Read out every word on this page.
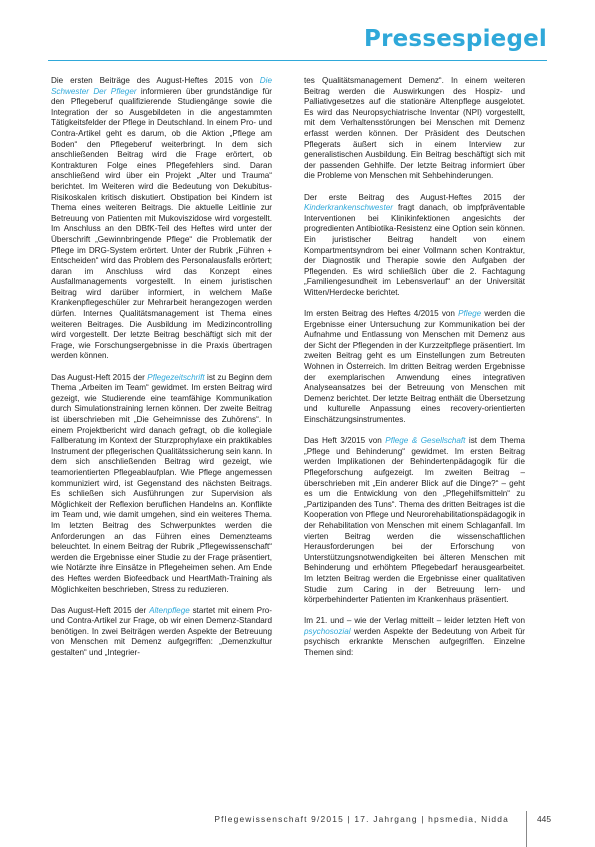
Pressespiegel

Die ersten Beiträge des August-Heftes 2015 von Die Schwester Der Pfleger informieren über grundständige für den Pflegeberuf qualifizierende Studiengänge sowie die Integration der so Ausgebildeten in die angestammten Tätigkeitsfelder der Pflege in Deutschland. In einem Pro- und Contra-Artikel geht es darum, ob die Aktion „Pflege am Boden“ den Pflegeberuf weiterbringt. In dem sich anschließenden Beitrag wird die Frage erörtert, ob Kontrakturen Folge eines Pflegefehlers sind. Daran anschließend wird über ein Projekt „Alter und Trauma“ berichtet. Im Weiteren wird die Bedeutung von Dekubitus-Risikoskalen kritisch diskutiert. Obstipation bei Kindern ist Thema eines weiteren Beitrags. Die aktuelle Leitlinie zur Betreuung von Patienten mit Mukoviszidose wird vorgestellt. Im Anschluss an den DBfK-Teil des Heftes wird unter der Überschrift „Gewinnbringende Pflege“ die Problematik der Pflege im DRG-System erörtert. Unter der Rubrik „Führen + Entscheiden“ wird das Problem des Personalausfalls erörtert; daran im Anschluss wird das Konzept eines Ausfallmanagements vorgestellt. In einem juristischen Beitrag wird darüber informiert, in welchem Maße Krankenpflegeschüler zur Mehrarbeit herangezogen werden dürfen. Internes Qualitätsmanagement ist Thema eines weiteren Beitrages. Die Ausbildung im Medizincontrolling wird vorgestellt. Der letzte Beitrag beschäftigt sich mit der Frage, wie Forschungsergebnisse in die Praxis übertragen werden können.

Das August-Heft 2015 der Pflegezeitschrift ist zu Beginn dem Thema „Arbeiten im Team“ gewidmet. Im ersten Beitrag wird gezeigt, wie Studierende eine teamfähige Kommunikation durch Simulationstraining lernen können. Der zweite Beitrag ist überschrieben mit „Die Geheimnisse des Zuhörens“. In einem Projektbericht wird danach gefragt, ob die kollegiale Fallberatung im Kontext der Sturzprophylaxe ein praktikables Instrument der pflegerischen Qualitätssicherung sein kann. In dem sich anschließenden Beitrag wird gezeigt, wie teamorientierten Pflegeablaufplan. Wie Pflege angemessen kommuniziert wird, ist Gegenstand des nächsten Beitrags. Es schließen sich Ausführungen zur Supervision als Möglichkeit der Reflexion beruflichen Handelns an. Konflikte im Team und, wie damit umgehen, sind ein weiteres Thema. Im letzten Beitrag des Schwerpunktes werden die Anforderungen an das Führen eines Demenzteams beleuchtet. In einem Beitrag der Rubrik „Pflegewissenschaft“ werden die Ergebnisse einer Studie zu der Frage präsentiert, wie Notärzte ihre Einsätze in Pflegeheimen sehen. Am Ende des Heftes werden Biofeedback und HeartMath-Training als Möglichkeiten beschrieben, Stress zu reduzieren.

Das August-Heft 2015 der Altenpflege startet mit einem Pro- und Contra-Artikel zur Frage, ob wir einen Demenz-Standard benötigen. In zwei Beiträgen werden Aspekte der Betreuung von Menschen mit Demenz aufgegriffen: „Demenzkultur gestalten“ und „Integrier-

tes Qualitätsmanagement Demenz“. In einem weiteren Beitrag werden die Auswirkungen des Hospiz- und Palliativgesetzes auf die stationäre Altenpflege ausgelotet. Es wird das Neuropsychiatrische Inventar (NPI) vorgestellt, mit dem Verhaltensstörungen bei Menschen mit Demenz erfasst werden können. Der Präsident des Deutschen Pflegerats äußert sich in einem Interview zur generalistischen Ausbildung. Ein Beitrag beschäftigt sich mit der passenden Gehhilfe. Der letzte Beitrag informiert über die Probleme von Menschen mit Sehbehinderungen.

Der erste Beitrag des August-Heftes 2015 der Kinderkrankenschwester fragt danach, ob impfpräventable Interventionen bei Klinikinfektionen angesichts der progredienten Antibiotika-Resistenz eine Option sein können. Ein juristischer Beitrag handelt von einem Kompartmentsyndrom bei einer Vollmann schen Kontraktur, der Diagnostik und Therapie sowie den Aufgaben der Pflegenden. Es wird schließlich über die 2. Fachtagung „Familiengesundheit im Lebensverlauf“ an der Universität Witten/Herdecke berichtet.

Im ersten Beitrag des Heftes 4/2015 von Pflege werden die Ergebnisse einer Untersuchung zur Kommunikation bei der Aufnahme und Entlassung von Menschen mit Demenz aus der Sicht der Pflegenden in der Kurzzeitpflege präsentiert. Im zweiten Beitrag geht es um Einstellungen zum Betreuten Wohnen in Österreich. Im dritten Beitrag werden Ergebnisse der exemplarischen Anwendung eines integrativen Analyseansatzes bei der Betreuung von Menschen mit Demenz berichtet. Der letzte Beitrag enthält die Übersetzung und kulturelle Anpassung eines recovery-orientierten Einschätzungsinstrumentes.

Das Heft 3/2015 von Pflege & Gesellschaft ist dem Thema „Pflege und Behinderung“ gewidmet. Im ersten Beitrag werden Implikationen der Behindertenpädagogik für die Pflegeforschung aufgezeigt. Im zweiten Beitrag – überschrieben mit „Ein anderer Blick auf die Dinge?“ – geht es um die Entwicklung von den „Pflegehilfsmitteln“ zu „Partizipanden des Tuns“. Thema des dritten Beitrages ist die Kooperation von Pflege und Neurorehabilitationspädagogik in der Rehabilitation von Menschen mit einem Schlaganfall. Im vierten Beitrag werden die wissenschaftlichen Herausforderungen bei der Erforschung von Unterstützungsnotwendigkeiten bei älteren Menschen mit Behinderung und erhöhtem Pflegebedarf herausgearbeitet. Im letzten Beitrag werden die Ergebnisse einer qualitativen Studie zum Caring in der Betreuung lern- und körperbehinderter Patienten im Krankenhaus präsentiert.

Im 21. und – wie der Verlag mitteilt – leider letzten Heft von psychosozial werden Aspekte der Bedeutung von Arbeit für psychisch erkrankte Menschen aufgegriffen. Einzelne Themen sind:

Pflegewissenschaft 9/2015 | 17. Jahrgang | hpsmedia, Nidda	445
